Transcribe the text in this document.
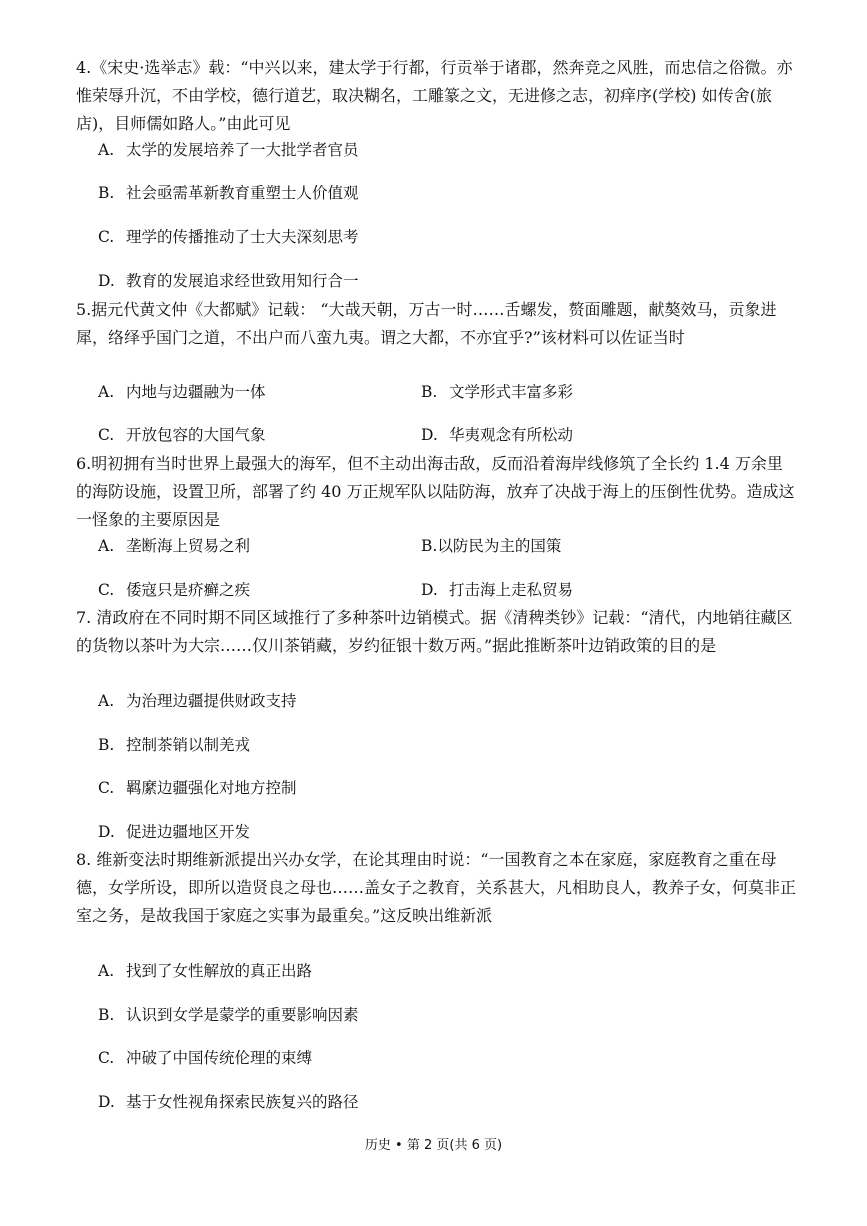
4.《宋史·选举志》载：“中兴以来，建太学于行都，行贡举于诸郡，然奔竞之风胜，而忠信之俗微。亦惟荣辱升沉，不由学校，德行道艺，取决糊名，工雕篆之文，无进修之志，初痒序(学校) 如传舍(旅店)，目师儒如路人。”由此可见

A. 太学的发展培养了一大批学者官员
B. 社会亟需革新教育重塑士人价值观
C. 理学的传播推动了士大夫深刻思考
D. 教育的发展追求经世致用知行合一

5.据元代黄文仲《大都赋》记载： “大哉天朝，万古一时……舌螺发，赘面雕题，献獒效马，贡象进犀，络绎乎国门之道，不出户而八蛮九夷。谓之大都，不亦宜乎?”该材料可以佐证当时

A. 内地与边疆融为一体	B. 文学形式丰富多彩
C. 开放包容的大国气象	D. 华夷观念有所松动

6.明初拥有当时世界上最强大的海军，但不主动出海击敌，反而沿着海岸线修筑了全长约 1.4 万余里的海防设施，设置卫所，部署了约 40 万正规军队以陆防海，放弃了决战于海上的压倒性优势。造成这一怪象的主要原因是

A. 垄断海上贸易之利	B.以防民为主的国策
C. 倭寇只是疥癣之疾	D. 打击海上走私贸易

7. 清政府在不同时期不同区域推行了多种茶叶边销模式。据《清稗类钞》记载：“清代，内地销往藏区的货物以茶叶为大宗……仅川茶销藏，岁约征银十数万两。”据此推断茶叶边销政策的目的是

A. 为治理边疆提供财政支持
B. 控制茶销以制羌戎
C. 羁縻边疆强化对地方控制
D. 促进边疆地区开发

8. 维新变法时期维新派提出兴办女学，在论其理由时说：“一国教育之本在家庭，家庭教育之重在母德，女学所设，即所以造贤良之母也……盖女子之教育，关系甚大，凡相助良人，教养子女，何莫非正室之务，是故我国于家庭之实事为最重矣。”这反映出维新派

A. 找到了女性解放的真正出路
B. 认识到女学是蒙学的重要影响因素
C. 冲破了中国传统伦理的束缚
D. 基于女性视角探索民族复兴的路径
历史 • 第 2 页(共 6 页)
